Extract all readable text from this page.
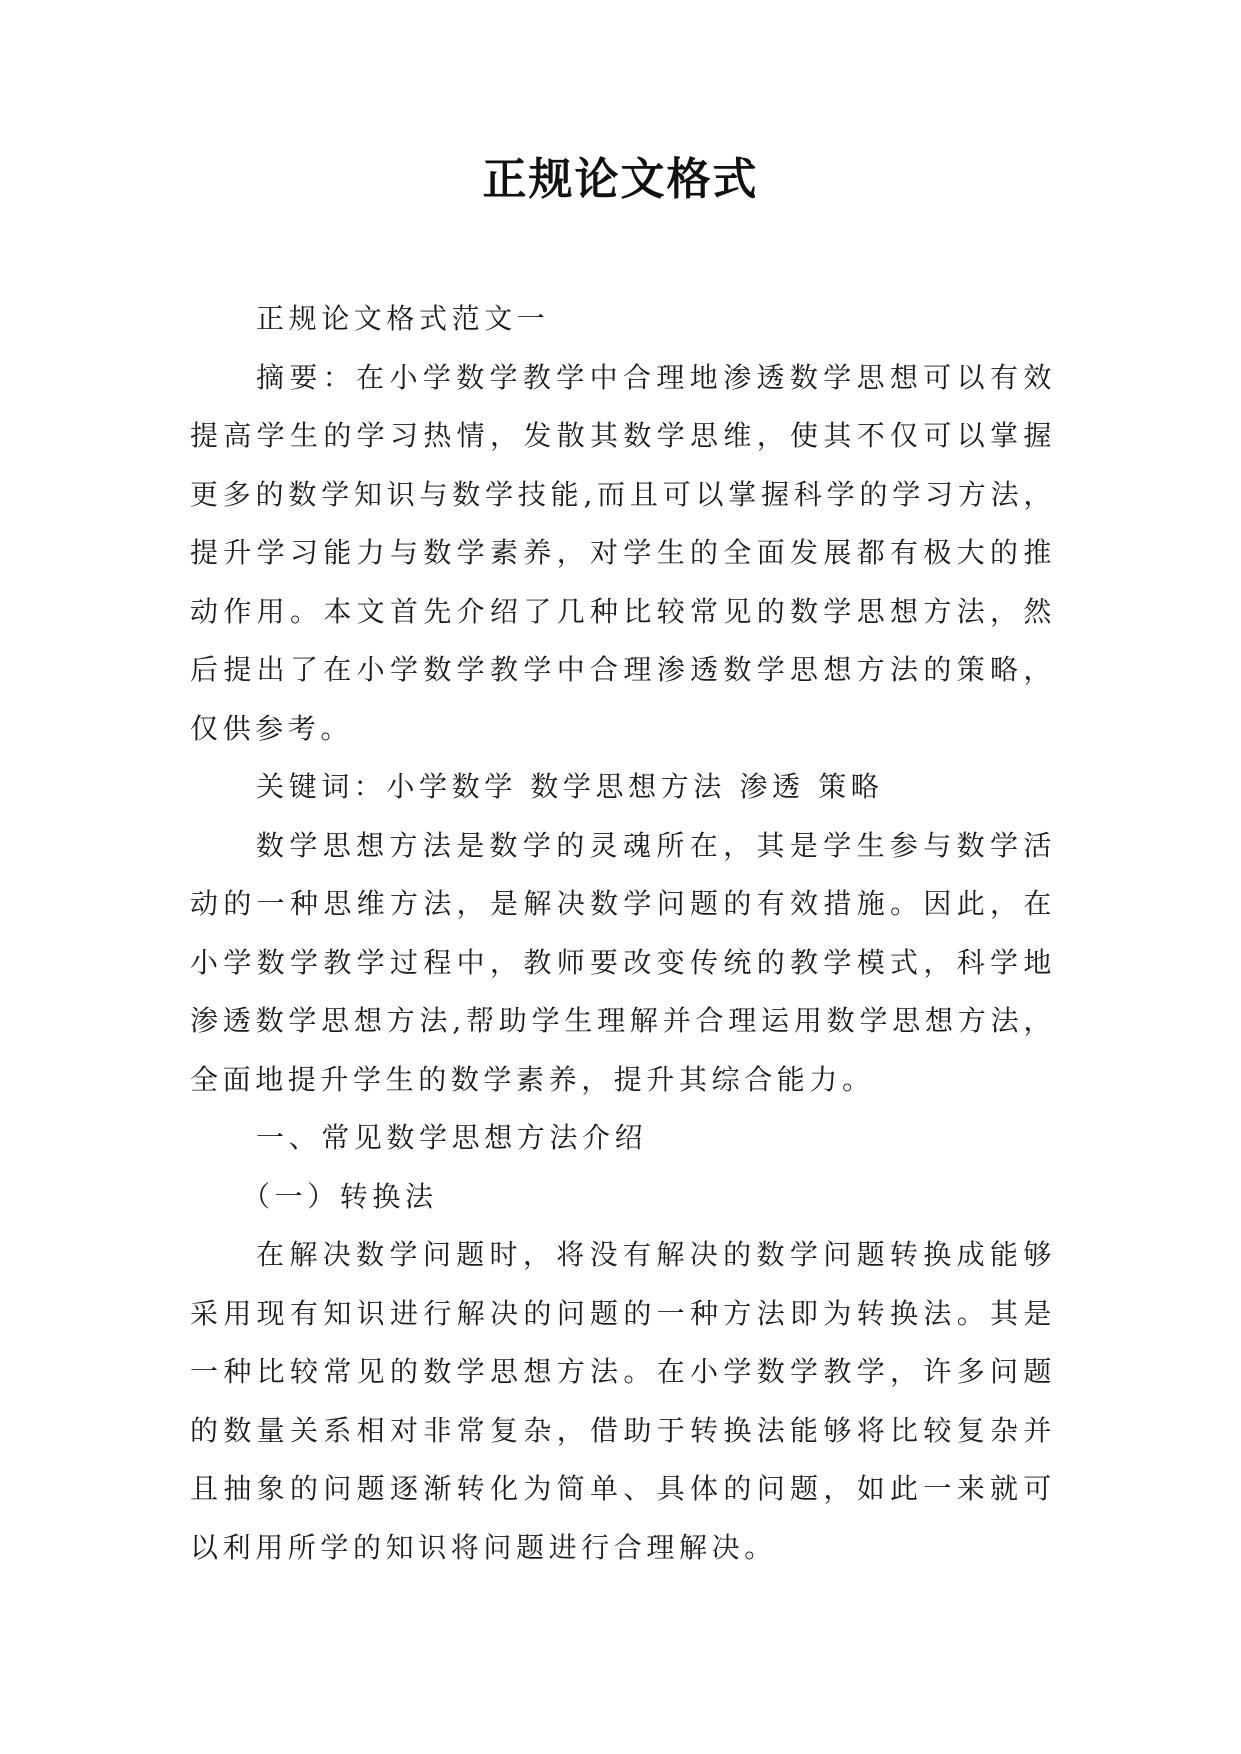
正规论文格式

正规论文格式范文一

摘要：在小学数学教学中合理地渗透数学思想可以有效提高学生的学习热情，发散其数学思维，使其不仅可以掌握更多的数学知识与数学技能,而且可以掌握科学的学习方法，提升学习能力与数学素养，对学生的全面发展都有极大的推动作用。本文首先介绍了几种比较常见的数学思想方法，然后提出了在小学数学教学中合理渗透数学思想方法的策略，仅供参考。

关键词：小学数学 数学思想方法 渗透 策略

数学思想方法是数学的灵魂所在，其是学生参与数学活动的一种思维方法，是解决数学问题的有效措施。因此，在小学数学教学过程中，教师要改变传统的教学模式，科学地渗透数学思想方法,帮助学生理解并合理运用数学思想方法，全面地提升学生的数学素养，提升其综合能力。

一、常见数学思想方法介绍

（一）转换法

在解决数学问题时，将没有解决的数学问题转换成能够采用现有知识进行解决的问题的一种方法即为转换法。其是一种比较常见的数学思想方法。在小学数学教学，许多问题的数量关系相对非常复杂，借助于转换法能够将比较复杂并且抽象的问题逐渐转化为简单、具体的问题，如此一来就可以利用所学的知识将问题进行合理解决。
